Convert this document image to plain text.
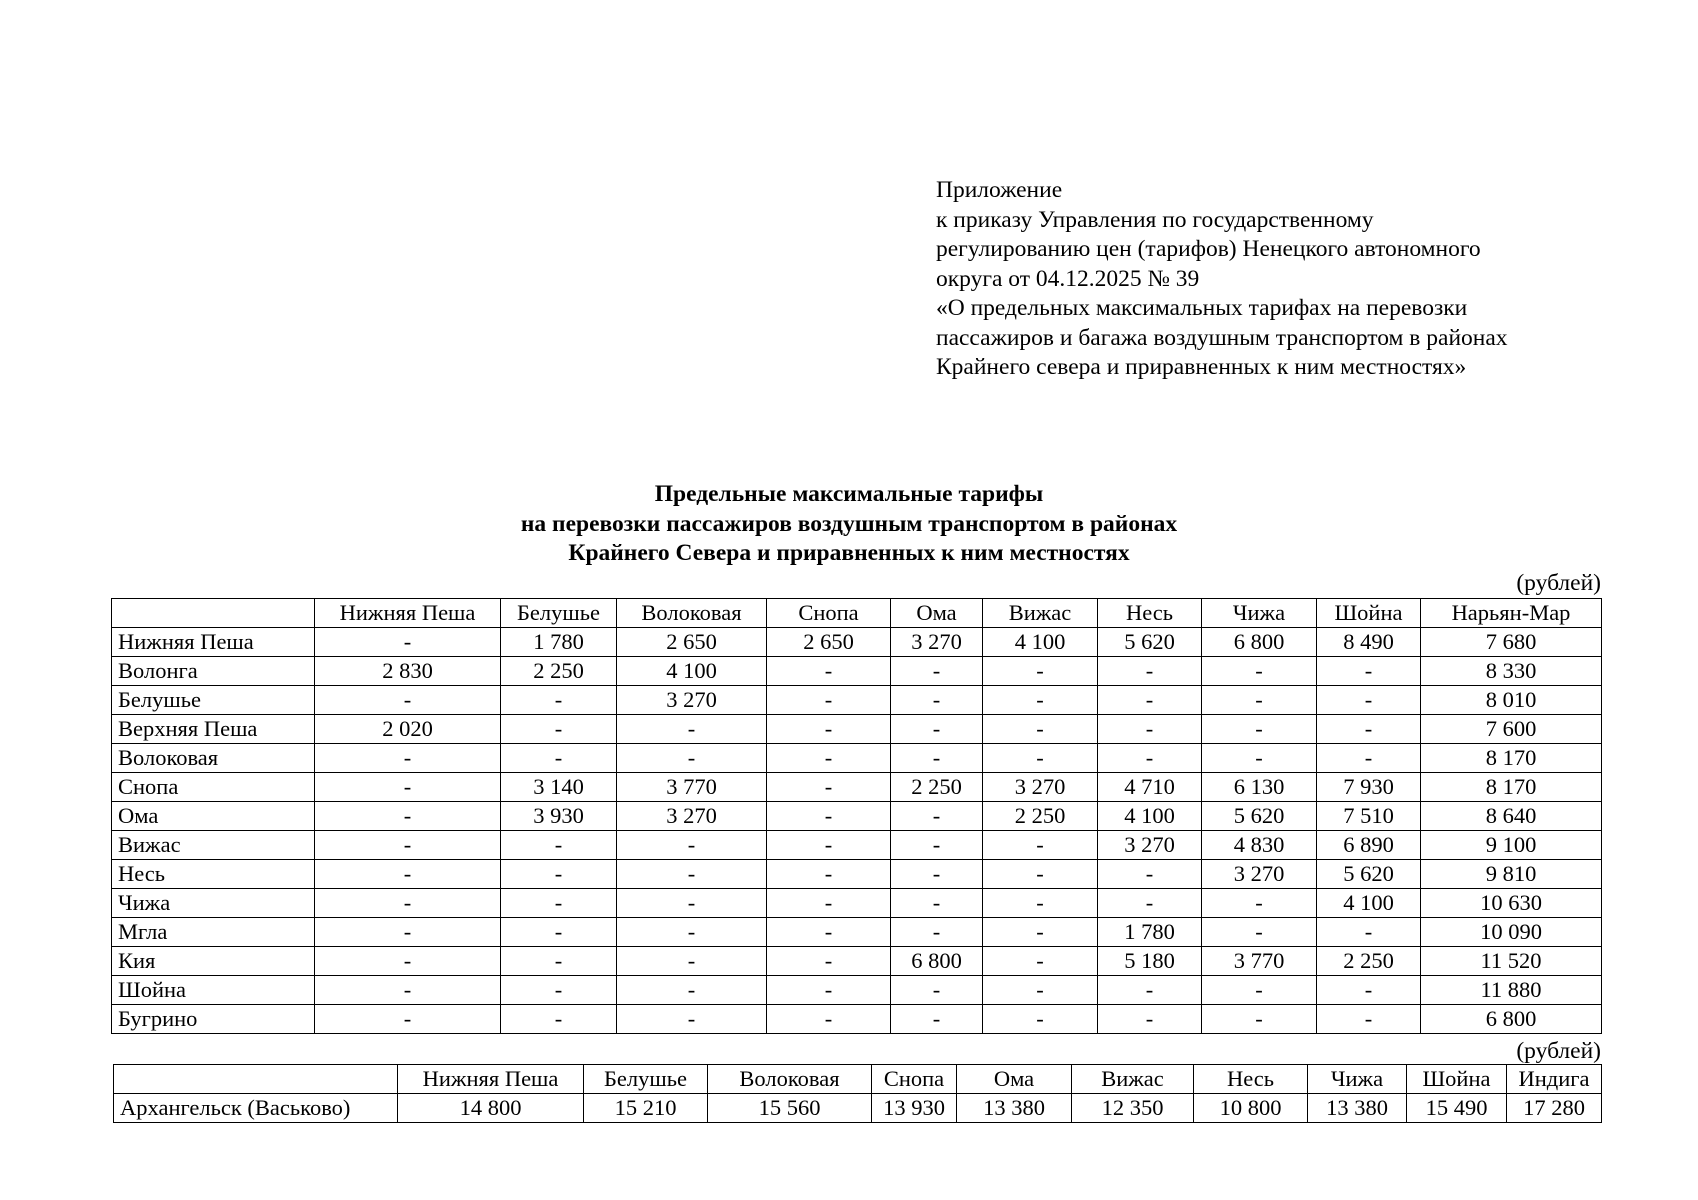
Приложение
к приказу Управления по государственному
регулированию цен (тарифов) Ненецкого автономного
округа от 04.12.2025 № 39
«О предельных максимальных тарифах на перевозки
пассажиров и багажа воздушным транспортом в районах
Крайнего севера и приравненных к ним местностях»
Предельные максимальные тарифы
на перевозки пассажиров воздушным транспортом в районах
Крайнего Севера и приравненных к ним местностях
(рублей)
	Нижняя Пеша	Белушье	Волоковая	Снопа	Ома	Вижас	Несь	Чижа	Шойна	Нарьян-Мар
Нижняя Пеша	-	1 780	2 650	2 650	3 270	4 100	5 620	6 800	8 490	7 680
Волонга	2 830	2 250	4 100	-	-	-	-	-	-	8 330
Белушье	-	-	3 270	-	-	-	-	-	-	8 010
Верхняя Пеша	2 020	-	-	-	-	-	-	-	-	7 600
Волоковая	-	-	-	-	-	-	-	-	-	8 170
Снопа	-	3 140	3 770	-	2 250	3 270	4 710	6 130	7 930	8 170
Ома	-	3 930	3 270	-	-	2 250	4 100	5 620	7 510	8 640
Вижас	-	-	-	-	-	-	3 270	4 830	6 890	9 100
Несь	-	-	-	-	-	-	-	3 270	5 620	9 810
Чижа	-	-	-	-	-	-	-	-	4 100	10 630
Мгла	-	-	-	-	-	-	1 780	-	-	10 090
Кия	-	-	-	-	6 800	-	5 180	3 770	2 250	11 520
Шойна	-	-	-	-	-	-	-	-	-	11 880
Бугрино	-	-	-	-	-	-	-	-	-	6 800
(рублей)
	Нижняя Пеша	Белушье	Волоковая	Снопа	Ома	Вижас	Несь	Чижа	Шойна	Индига
Архангельск (Васьково)	14 800	15 210	15 560	13 930	13 380	12 350	10 800	13 380	15 490	17 280
